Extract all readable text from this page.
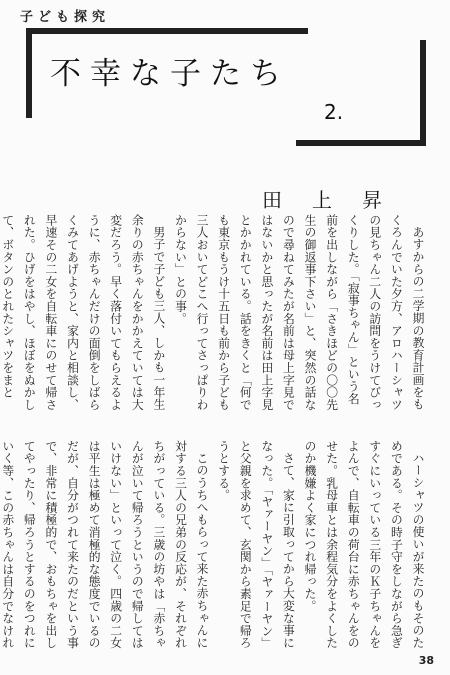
子ども探究
不幸な子たち
2.
田上昇

あすからの二学期の教育計画をもくろんでいた夕方、アロハーシャツの見ちゃん二人の訪問をうけてびっくりした。「寂事ちゃん」という名前を出しながら「さきほどの〇〇先生の御返事下さい」と、突然の話なので尋ねてみたが名前は母上字見ではないかと思ったが名前は田上字見とかかれている。話をきくと「何でも東京もうけ十五日も前から子ども三人おいてどこへ行ってさっぱりわからない」との事。

男子で子ども三人、しかも一年生余りの赤ちゃんをかかえていては大変だろう。早く落付いてもらえるように、赤ちゃんだけの面倒をしばらくみてあげようと、家内と相談し、早速その二女を自転車にのせて帰された。ひげをはやし、ほぼをぬかして、ボタンのとれたシャツをまと

ハーシャツの使いが来たのもそのためである。その時子守をしながら急ぎすぐにいっている三年のＫ子ちゃんをよんで、自転車の荷台に赤ちゃんをのせた。乳母車とは余程気分をよくしたのか機嫌よく家につれ帰った。

さて、家に引取ってから大変な事になった。「ヤァーヤン」「ヤァーヤン」と父親を求めて、玄関から素足で帰ろうとする。

このうちへもらって来た赤ちゃんに対する三人の兄弟の反応が、それぞれちがっている。三歳の坊やは「赤ちゃんが泣いて帰ろうというので帰してはいけない」といって泣く。四歳の二女は平生は極めて消極的な態度でいるのだが、自分がつれて来たのだという事で、非常に積極的で、おもちゃを出してやったり、帰ろうとするのをつれにいく等、この赤ちゃんは自分でなけれ

38
